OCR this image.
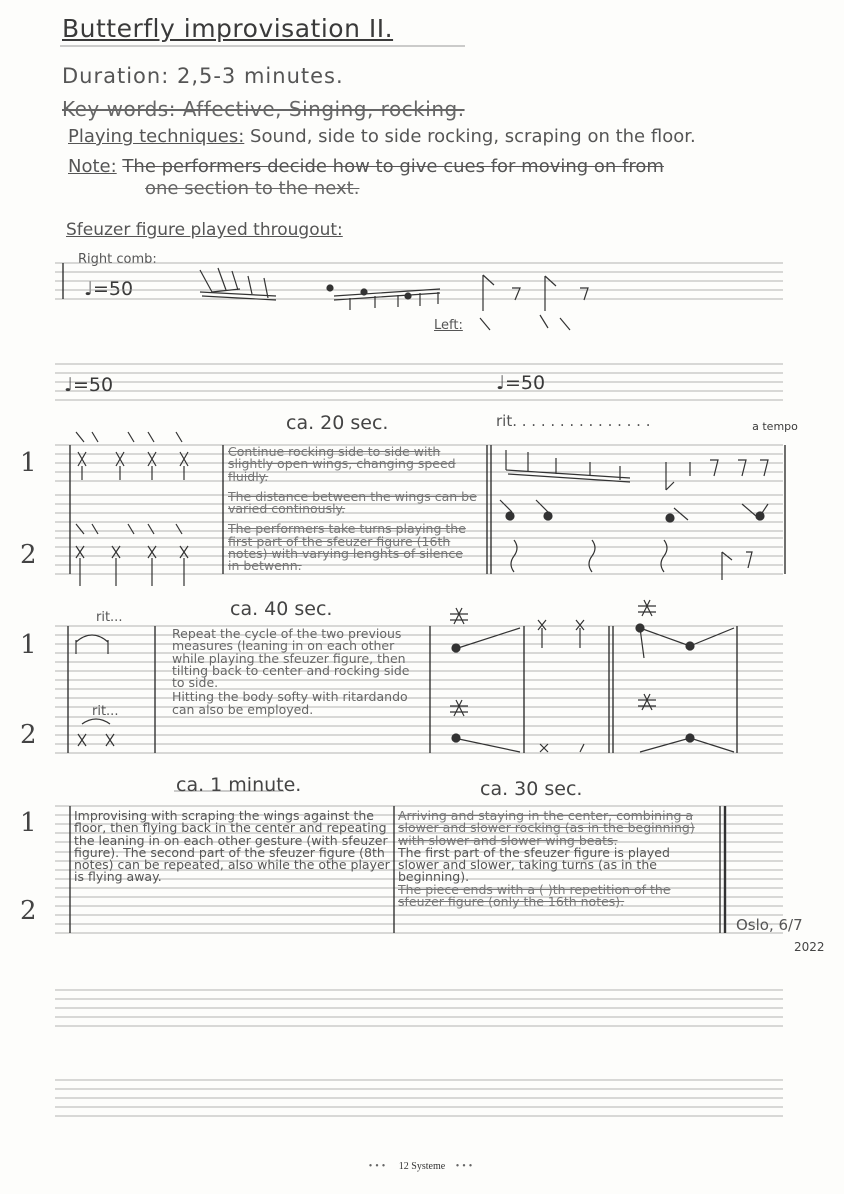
Butterfly improvisation II.
Duration: 2,5-3 minutes.
Key words: Affective, Singing, rocking.
Playing techniques: Sound, side to side rocking, scraping on the floor.
Note: The performers decide how to give cues for moving on from
one section to the next.
Sfeuzer figure played througout:
Right comb:
♩=50
Left:
1
2
1
2
1
2
♩=50	♩=50
ca. 20 sec.	rit. . . . . . . . . . . . . . .	a tempo
Continue rocking side to side with slightly open wings, changing speed fluidly.
The distance between the wings can be varied continously.
The performers take turns playing the first part of the sfeuzer figure (16th notes) with varying lenghts of silence in betwenn.
ca. 40 sec.
rit...
rit...
Repeat the cycle of the two previous measures (leaning in on each other while playing the sfeuzer figure, then tilting back to center and rocking side to side.
Hitting the body softy with ritardando can also be employed.
ca. 1 minute.
Improvising with scraping the wings against the floor, then flying back in the center and repeating the leaning in on each other gesture (with sfeuzer figure). The second part of the sfeuzer figure (8th notes) can be repeated, also while the othe player is flying away.
ca. 30 sec.
Arriving and staying in the center, combining a slower and slower rocking (as in the beginning) with slower and slower wing beats.
The first part of the sfeuzer figure is played slower and slower, taking turns (as in the beginning).
The piece ends with a ( )th repetition of the sfeuzer figure (only the 16th notes).
Oslo, 6/7
2022
••• 12 Systeme •••
